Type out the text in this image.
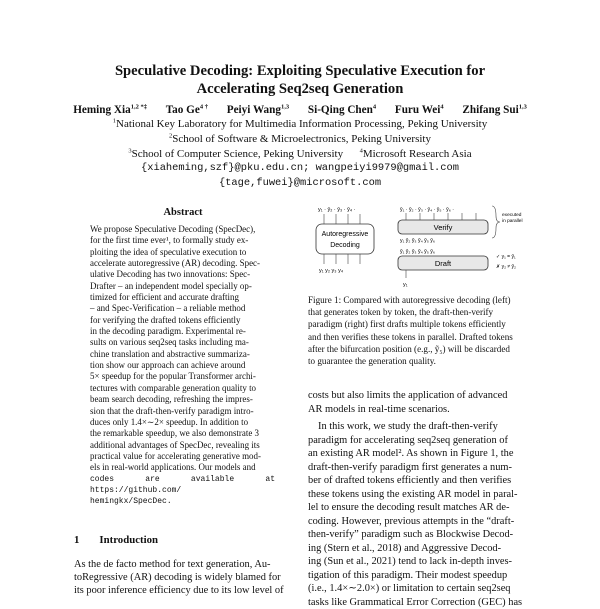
Speculative Decoding: Exploiting Speculative Execution for
Accelerating Seq2seq Generation
Heming Xia$^{1,2 *\ddagger}$ Tao $Ge^{4 \dagger}$ Peiyi Wang$^{1,3}$ Si-Qing Chen$^4$ Furu Wei$^4$ Zhifang Sui$^{1,3}$
$^1$National Key Laboratory for Multimedia Information Processing, Peking University
$^2$School of Software & Microelectronics, Peking University
$^3$School of Computer Science, Peking University	$^4$Microsoft Research Asia
{xiaheming,szf}@pku.edu.cn; wangpeiyi9979@gmail.com
{tage,fuwei}@microsoft.com
Abstract
We propose Speculative Decoding (SpecDec),
for the first time ever¹, to formally study ex-
ploiting the idea of speculative execution to
accelerate autoregressive (AR) decoding. Spec-
ulative Decoding has two innovations: Spec-
Drafter – an independent model specially op-
timized for efficient and accurate drafting
– and Spec-Verification – a reliable method
for verifying the drafted tokens efficiently
in the decoding paradigm. Experimental re-
sults on various seq2seq tasks including ma-
chine translation and abstractive summariza-
tion show our approach can achieve around
5× speedup for the popular Transformer archi-
tectures with comparable generation quality to
beam search decoding, refreshing the impres-
sion that the draft-then-verify paradigm intro-
duces only 1.4×∼2× speedup. In addition to
the remarkable speedup, we also demonstrate 3
additional advantages of SpecDec, revealing its
practical value for accelerating generative mod-
els in real-world applications. Our models and
codes are available at https://github.com/
hemingkx/SpecDec.
1 Introduction
As the de facto method for text generation, Au-
toRegressive (AR) decoding is widely blamed for
its poor inference efficiency due to its low level of
Autoregressive
Decoding
y₁ · ŷ₂ · ŷ₃ · ŷ₄ ·
y₁ y₂ y₃ y₄
Verify
ŷ₁ · ŷ₂ · ŷ₃ · ŷ₄ · ŷ₅ · ŷ₆ ·
y₁ ỹ₂ ỹ₃ ỹ₄ ỹ₅ ỹ₆
Draft
ỹ₁ ỹ₂ ỹ₃ ỹ₄ ỹ₅ ỹ₆
y₁
executed
in parallel
✓ y₁ = ỹ₁
✗ y₂ ≠ ỹ₂
Figure 1: Compared with autoregressive decoding (left)
that generates token by token, the draft-then-verify
paradigm (right) first drafts multiple tokens efficiently
and then verifies these tokens in parallel. Drafted tokens
after the bifurcation position (e.g., ỹ₅) will be discarded
to guarantee the generation quality.
costs but also limits the application of advanced
AR models in real-time scenarios.
In this work, we study the draft-then-verify
paradigm for accelerating seq2seq generation of
an existing AR model². As shown in Figure 1, the
draft-then-verify paradigm first generates a num-
ber of drafted tokens efficiently and then verifies
these tokens using the existing AR model in paral-
lel to ensure the decoding result matches AR de-
coding. However, previous attempts in the “draft-
then-verify” paradigm such as Blockwise Decod-
ing (Stern et al., 2018) and Aggressive Decod-
ing (Sun et al., 2021) tend to lack in-depth inves-
tigation of this paradigm. Their modest speedup
(i.e., 1.4×∼2.0×) or limitation to certain seq2seq
tasks like Grammatical Error Correction (GEC) has
